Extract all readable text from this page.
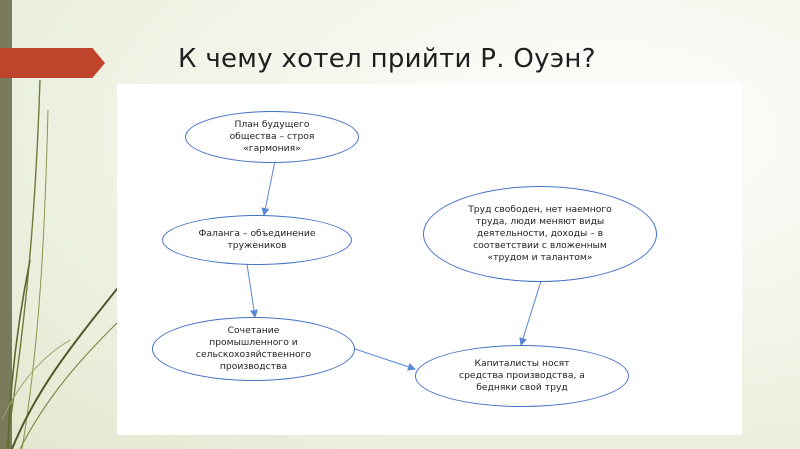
К чему хотел прийти Р. Оуэн?
План будущего
общества – строя
«гармония»
Фаланга – объединение
тружеников
Сочетание
промышленного и
сельскохозяйственного
производства
Труд свободен, нет наемного
труда, люди меняют виды
деятельности, доходы – в
соответствии с вложенным
«трудом и талантом»
Капиталисты носят
средства производства, а
бедняки свой труд
